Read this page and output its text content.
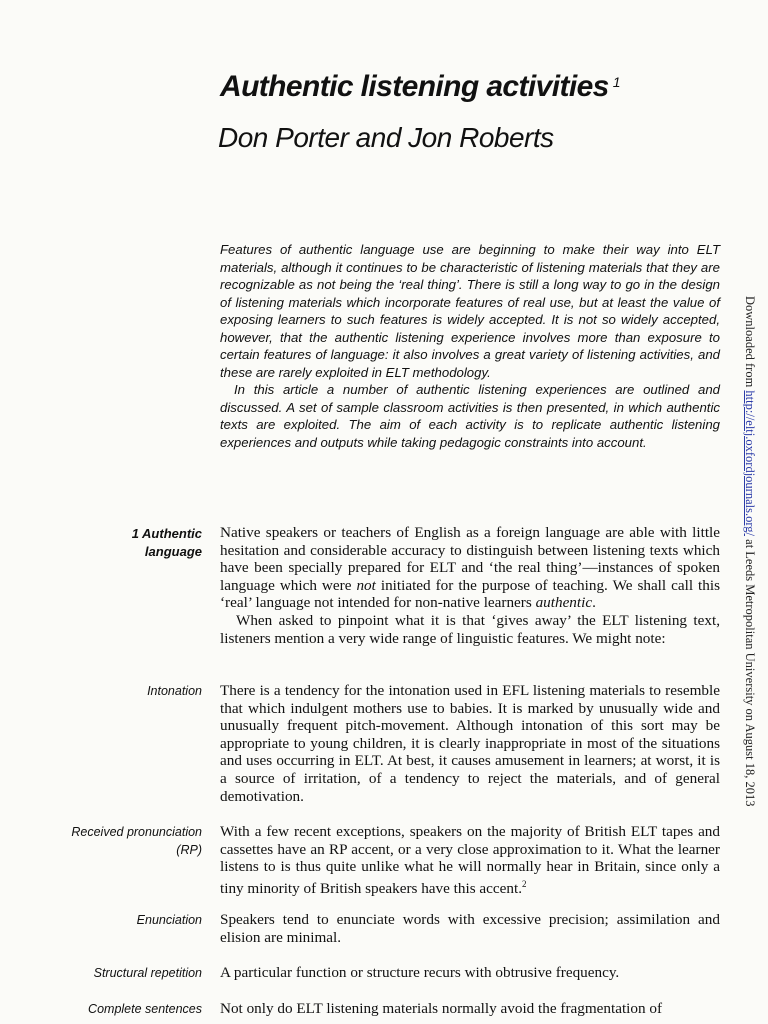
Authentic listening activities $^1$
Don Porter and Jon Roberts

Features of authentic language use are beginning to make their way into ELT materials, although it continues to be characteristic of listening materials that they are recognizable as not being the ‘real thing’. There is still a long way to go in the design of listening materials which incorporate features of real use, but at least the value of exposing learners to such features is widely accepted. It is not so widely accepted, however, that the authentic listening experience involves more than exposure to certain features of language: it also involves a great variety of listening activities, and these are rarely exploited in ELT methodology.

In this article a number of authentic listening experiences are outlined and discussed. A set of sample classroom activities is then presented, in which authentic texts are exploited. The aim of each activity is to replicate authentic listening experiences and outputs while taking pedagogic constraints into account.

1 Authentic
language

Native speakers or teachers of English as a foreign language are able with little hesitation and considerable accuracy to distinguish between listening texts which have been specially prepared for ELT and ‘the real thing’—instances of spoken language which were not initiated for the purpose of teaching. We shall call this ‘real’ language not intended for non-native learners authentic.

When asked to pinpoint what it is that ‘gives away’ the ELT listening text, listeners mention a very wide range of linguistic features. We might note:

Intonation There is a tendency for the intonation used in EFL listening materials to resemble that which indulgent mothers use to babies. It is marked by unusually wide and unusually frequent pitch-movement. Although intonation of this sort may be appropriate to young children, it is clearly inappropriate in most of the situations and uses occurring in ELT. At best, it causes amusement in learners; at worst, it is a source of irritation, of a tendency to reject the materials, and of general demotivation.

Received pronunciation
(RP)

With a few recent exceptions, speakers on the majority of British ELT tapes and cassettes have an RP accent, or a very close approximation to it. What the learner listens to is thus quite unlike what he will normally hear in Britain, since only a tiny minority of British speakers have this accent.$^2$

Enunciation Speakers tend to enunciate words with excessive precision; assimilation and elision are minimal.

Structural repetition A particular function or structure recurs with obtrusive frequency.

Complete sentences Not only do ELT listening materials normally avoid the fragmentation of

Downloaded from http://eltj.oxfordjournals.org/ at Leeds Metropolitan University on August 18, 2013
